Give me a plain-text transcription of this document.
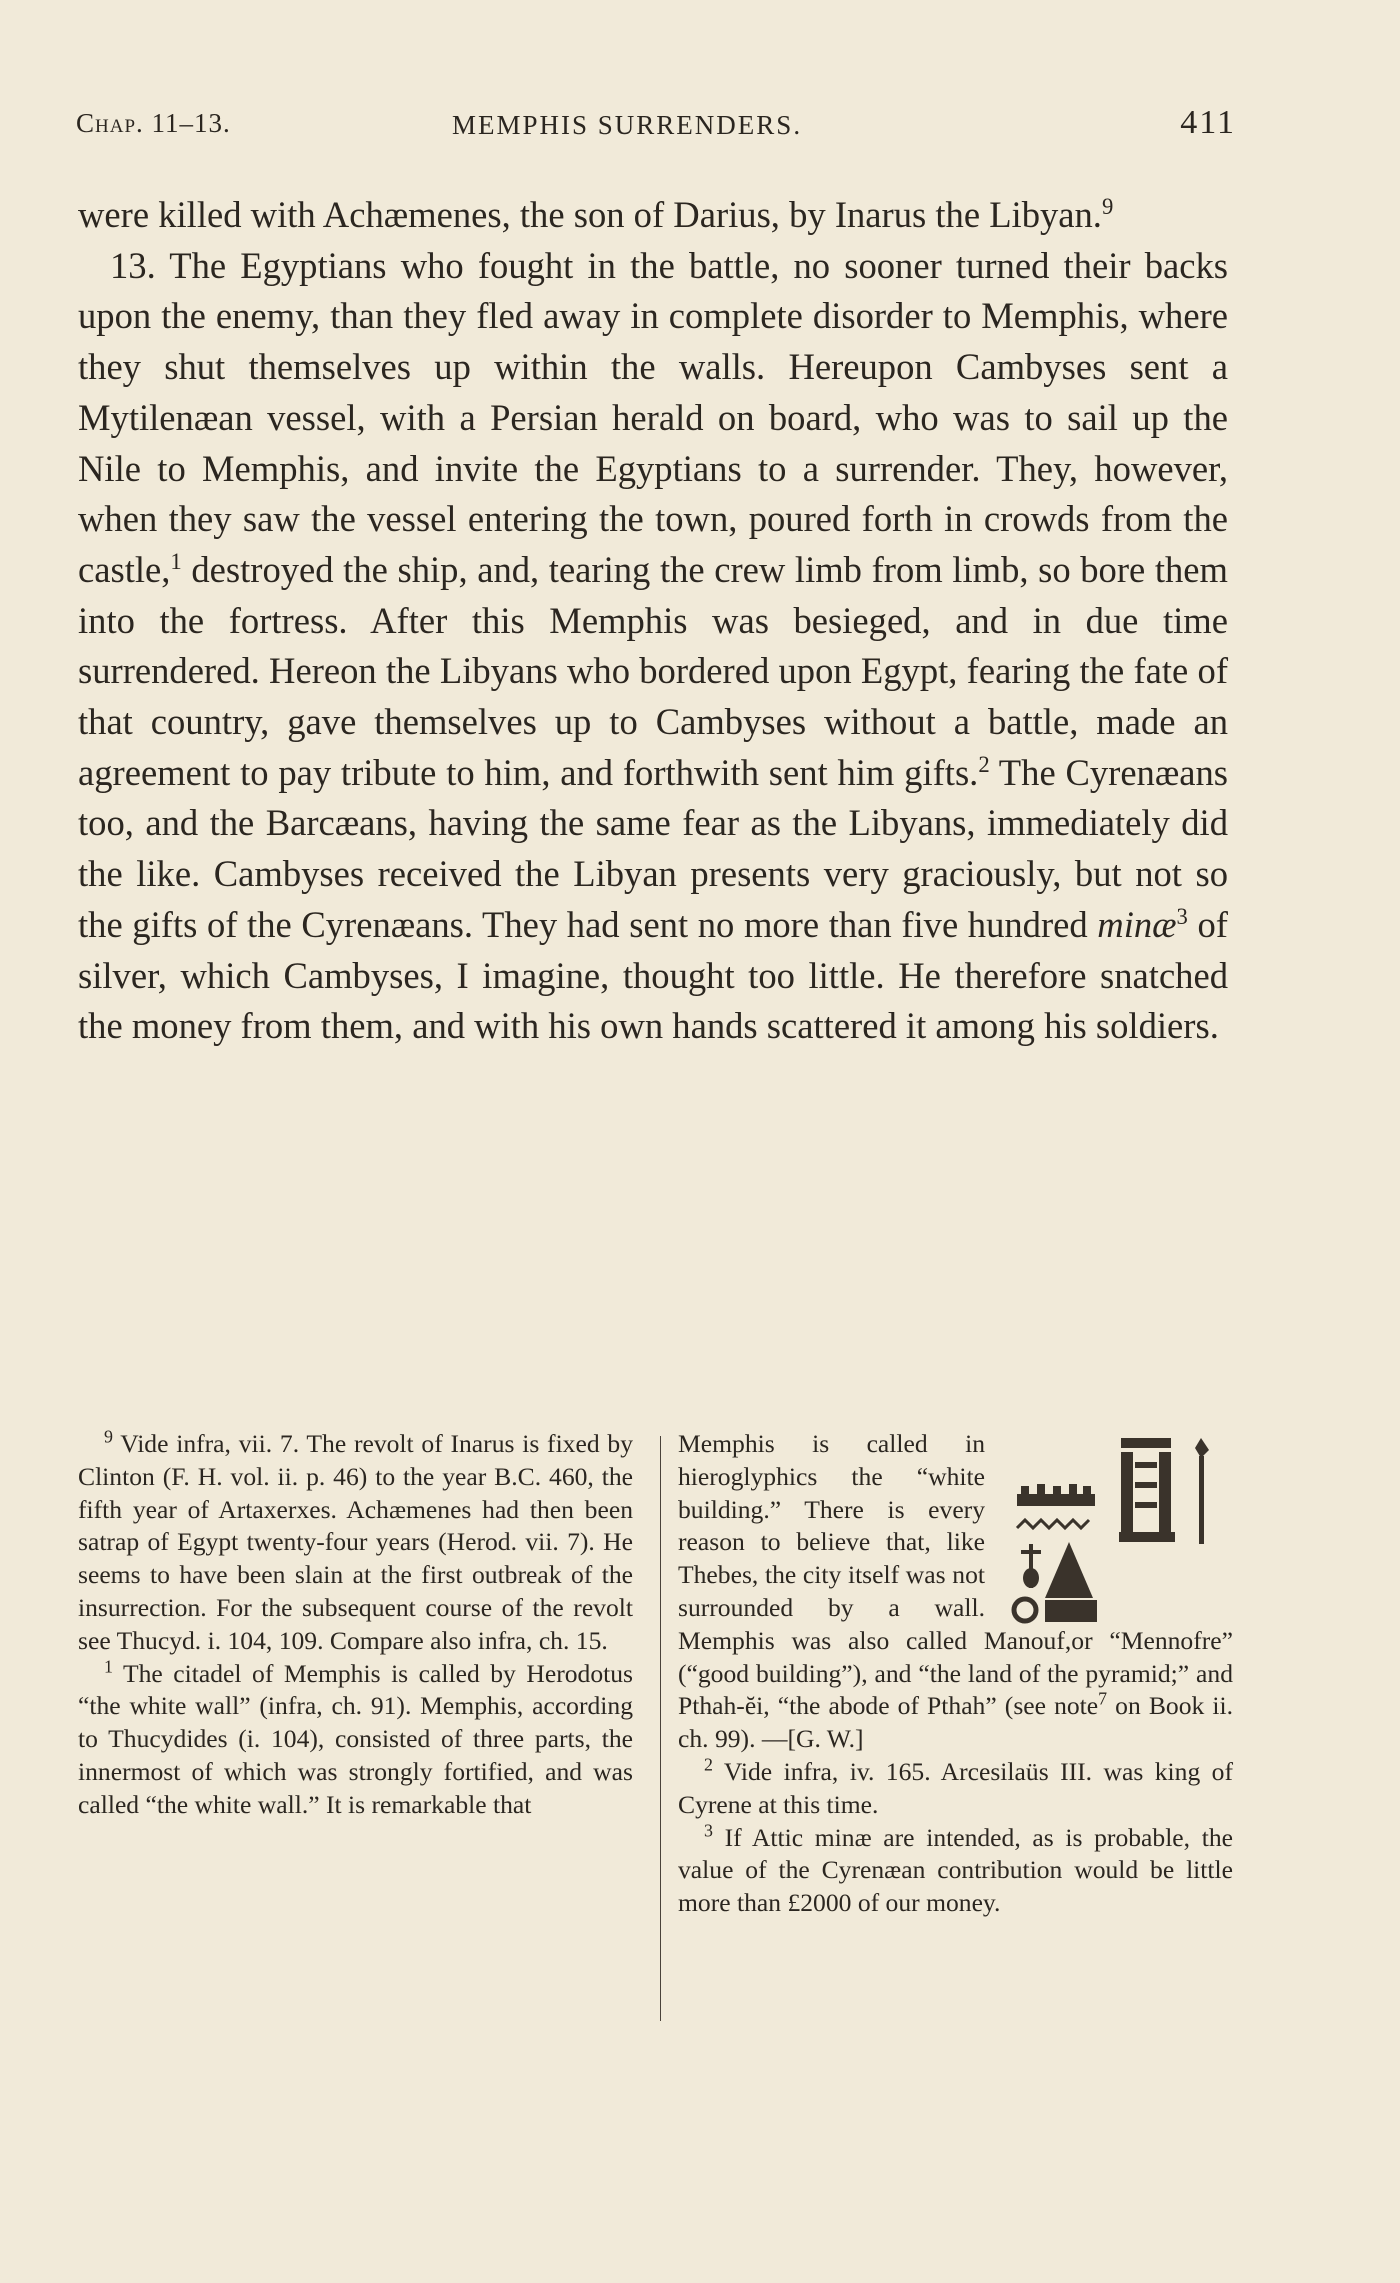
Chap. 11–13.	MEMPHIS SURRENDERS.	411

were killed with Achæmenes, the son of Darius, by Inarus the Libyan.$^9$

13. The Egyptians who fought in the battle, no sooner turned their backs upon the enemy, than they fled away in complete disorder to Memphis, where they shut themselves up within the walls. Hereupon Cambyses sent a Mytilenæan vessel, with a Persian herald on board, who was to sail up the Nile to Memphis, and invite the Egyptians to a surrender. They, however, when they saw the vessel entering the town, poured forth in crowds from the castle,$^1$ destroyed the ship, and, tearing the crew limb from limb, so bore them into the fortress. After this Memphis was besieged, and in due time surrendered. Hereon the Libyans who bordered upon Egypt, fearing the fate of that country, gave themselves up to Cambyses without a battle, made an agreement to pay tribute to him, and forthwith sent him gifts.$^2$ The Cyrenæans too, and the Barcæans, having the same fear as the Libyans, immediately did the like. Cambyses received the Libyan presents very graciously, but not so the gifts of the Cyrenæans. They had sent no more than five hundred minæ$^3$ of silver, which Cambyses, I imagine, thought too little. He therefore snatched the money from them, and with his own hands scattered it among his soldiers.

$^9$ Vide infra, vii. 7. The revolt of Inarus is fixed by Clinton (F. H. vol. ii. p. 46) to the year B.C. 460, the fifth year of Artaxerxes. Achæmenes had then been satrap of Egypt twenty-four years (Herod. vii. 7). He seems to have been slain at the first outbreak of the insurrection. For the subsequent course of the revolt see Thucyd. i. 104, 109. Compare also infra, ch. 15.

$^1$ The citadel of Memphis is called by Herodotus “the white wall” (infra, ch. 91). Memphis, according to Thucydides (i. 104), consisted of three parts, the innermost of which was strongly fortified, and was called “the white wall.” It is remarkable that

Memphis is called in hieroglyphics the “white building.” There is every reason to believe that, like Thebes, the city itself was not surrounded by a wall. Memphis was also called Manouf,or “Mennofre” (“good building”), and “the land of the pyramid;” and Pthah-ĕi, “the abode of Pthah” (see note$^7$ on Book ii. ch. 99). —[G. W.]

$^2$ Vide infra, iv. 165. Arcesilaüs III. was king of Cyrene at this time.

$^3$ If Attic minæ are intended, as is probable, the value of the Cyrenæan contribution would be little more than £2000 of our money.
